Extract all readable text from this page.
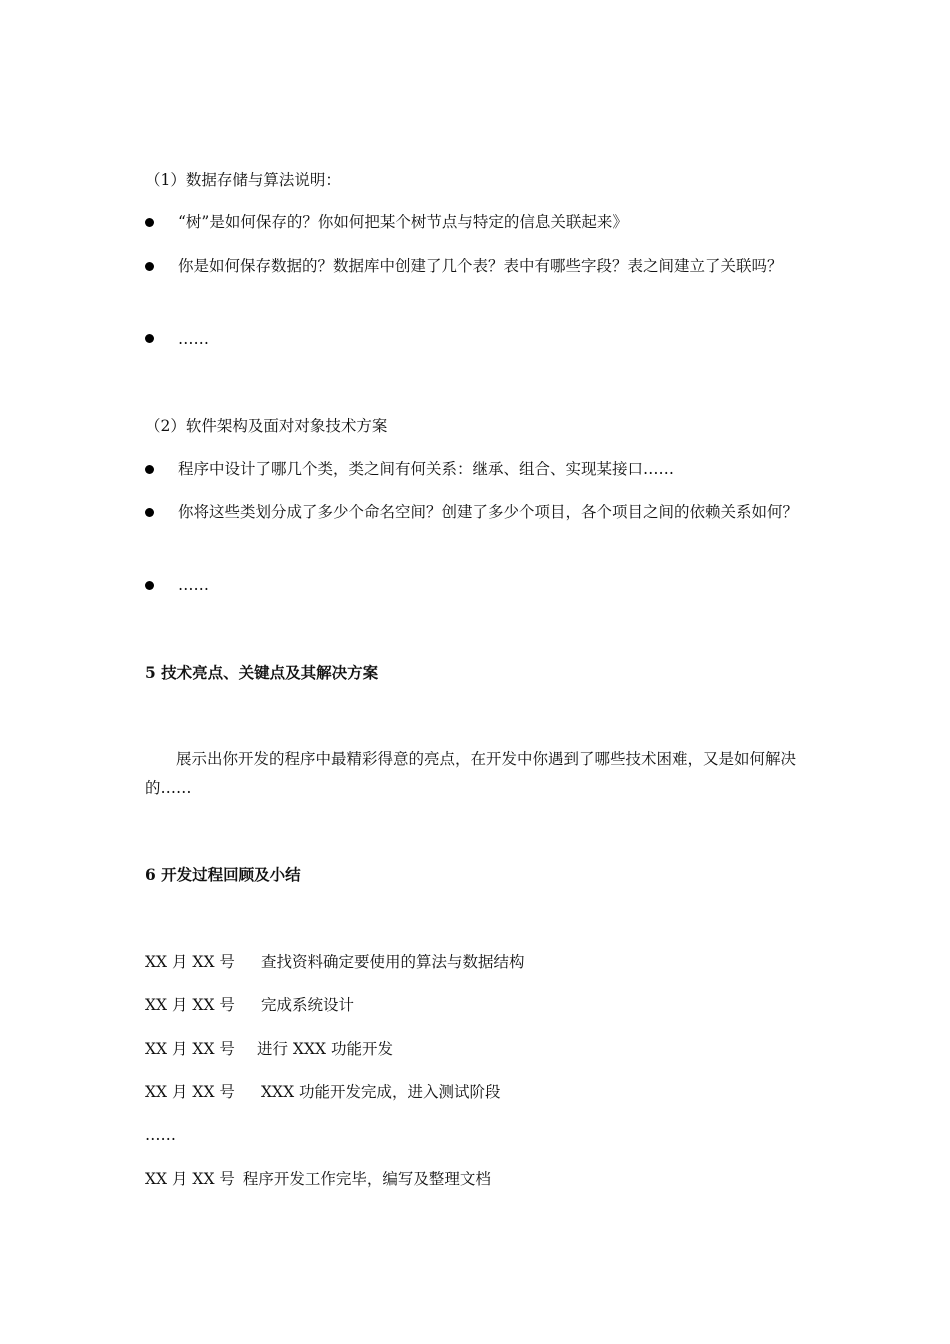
（1）数据存储与算法说明：
“树”是如何保存的？你如何把某个树节点与特定的信息关联起来》
你是如何保存数据的？数据库中创建了几个表？表中有哪些字段？表之间建立了关联吗？
……
（2）软件架构及面对对象技术方案
程序中设计了哪几个类，类之间有何关系：继承、组合、实现某接口……
你将这些类划分成了多少个命名空间？创建了多少个项目，各个项目之间的依赖关系如何？
……
5 技术亮点、关键点及其解决方案
展示出你开发的程序中最精彩得意的亮点，在开发中你遇到了哪些技术困难，又是如何解决的……
6 开发过程回顾及小结
XX 月 XX 号 查找资料确定要使用的算法与数据结构
XX 月 XX 号 完成系统设计
XX 月 XX 号 进行 XXX 功能开发
XX 月 XX 号 XXX 功能开发完成，进入测试阶段
……
XX 月 XX 号 程序开发工作完毕，编写及整理文档
